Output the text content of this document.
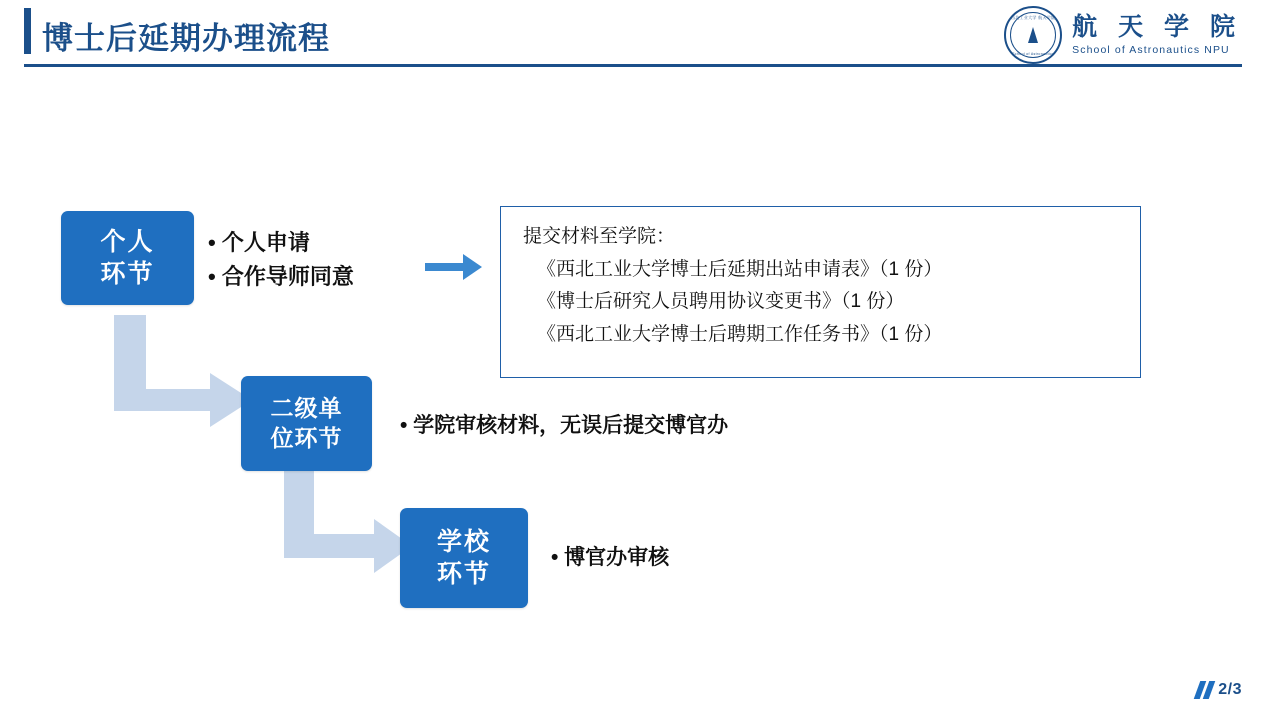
博士后延期办理流程
西北工业大学 航天学院
School of Astronautics
航 天 学 院
School of Astronautics NPU
个人
环节
• 个人申请
• 合作导师同意
提交材料至学院：
《西北工业大学博士后延期出站申请表》（1 份）
《博士后研究人员聘用协议变更书》（1 份）
《西北工业大学博士后聘期工作任务书》（1 份）
二级单
位环节	• 学院审核材料，无误后提交博官办
学校
环节
• 博官办审核
2/3
